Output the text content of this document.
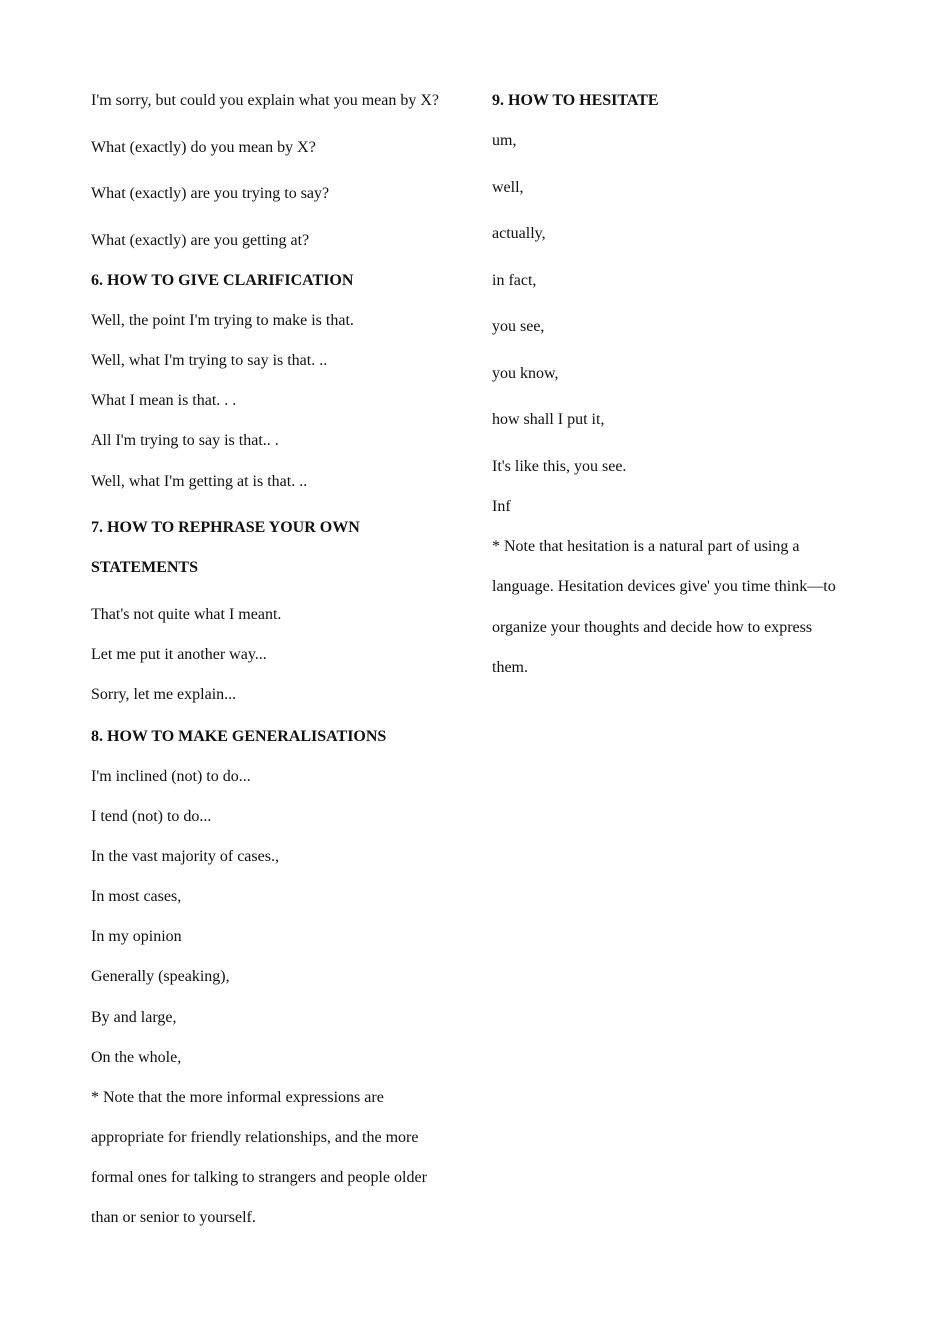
I'm sorry, but could you explain what you mean by X?
What (exactly) do you mean by X?
What (exactly) are you trying to say?
What (exactly) are you getting at?
6. HOW TO GIVE CLARIFICATION
Well, the point I'm trying to make is that.
Well, what I'm trying to say is that. ..
What I mean is that. . .
All I'm trying to say is that.. .
Well, what I'm getting at is that. ..
7. HOW TO REPHRASE YOUR OWN
STATEMENTS
That's not quite what I meant.
Let me put it another way...
Sorry, let me explain...
8. HOW TO MAKE GENERALISATIONS
I'm inclined (not) to do...
I tend (not) to do...
In the vast majority of cases.,
In most cases,
In my opinion
Generally (speaking),
By and large,
On the whole,
* Note that the more informal expressions are
appropriate for friendly relationships, and the more
formal ones for talking to strangers and people older
than or senior to yourself.
9. HOW TO HESITATE
um,
well,
actually,
in fact,
you see,
you know,
how shall I put it,
It's like this, you see.
Inf
* Note that hesitation is a natural part of using a
language. Hesitation devices give' you time think—to
organize your thoughts and decide how to express
them.
